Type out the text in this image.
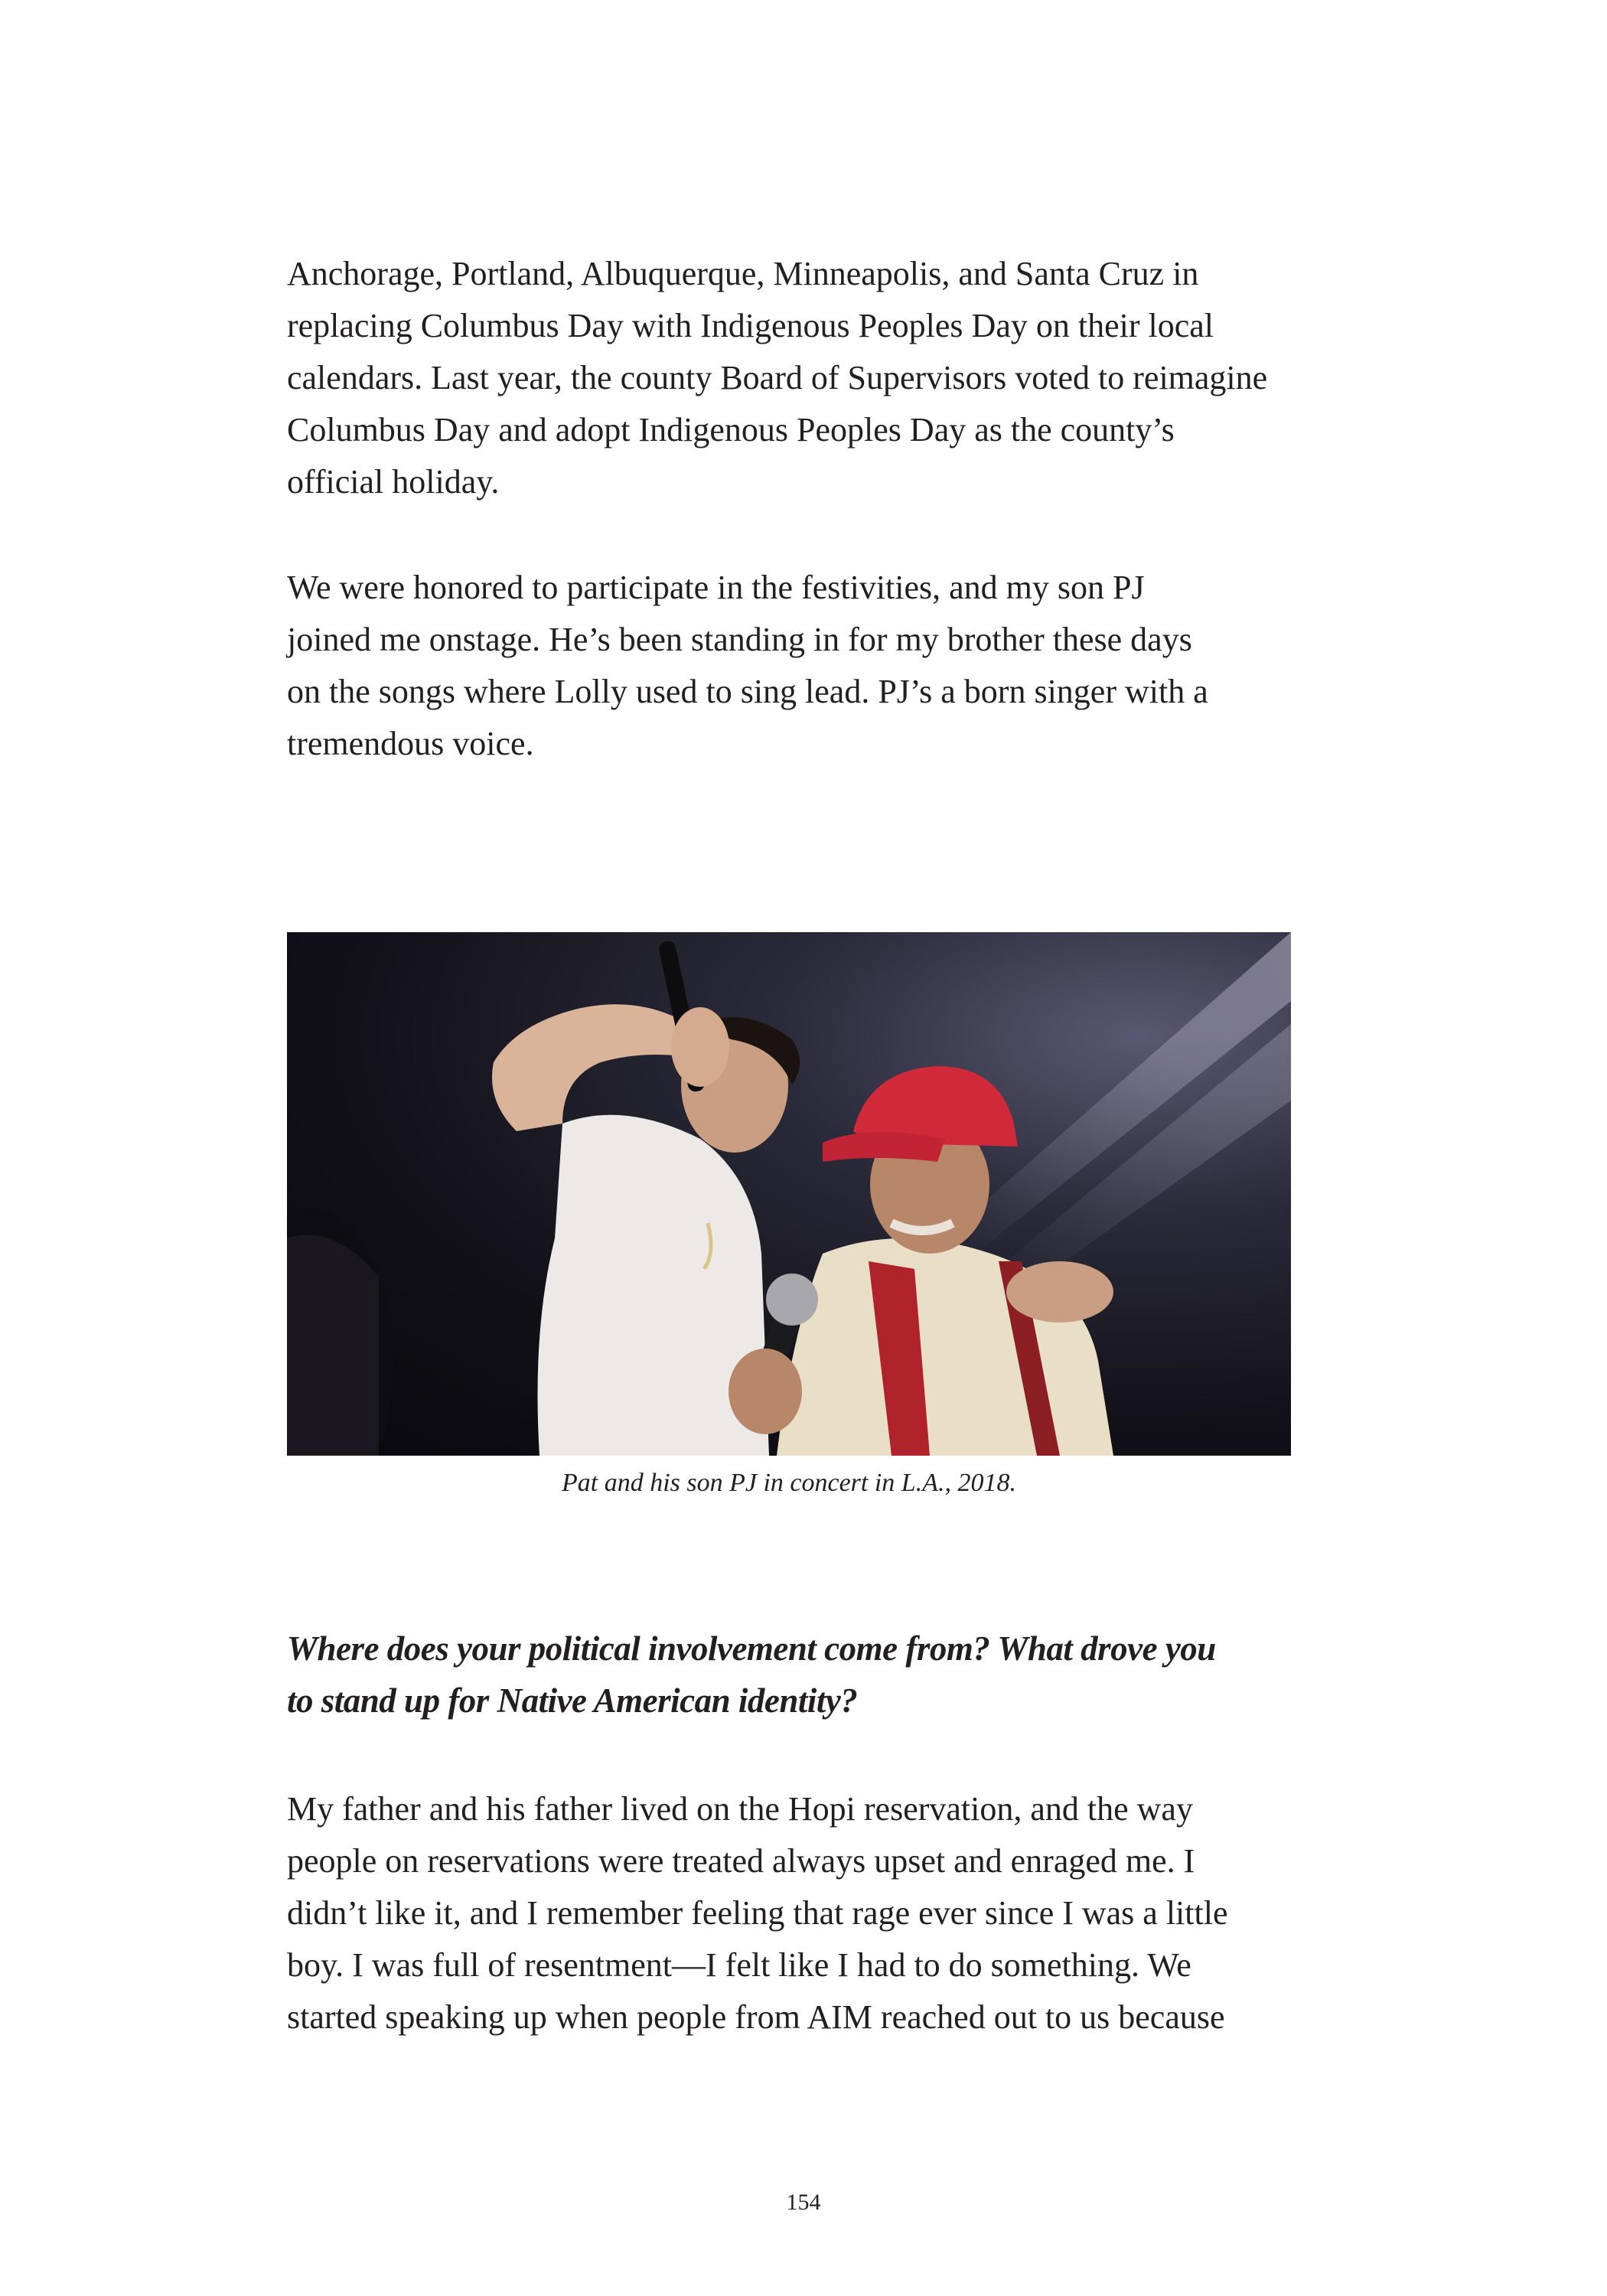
Anchorage, Portland, Albuquerque, Minneapolis, and Santa Cruz in
replacing Columbus Day with Indigenous Peoples Day on their local
calendars. Last year, the county Board of Supervisors voted to reimagine
Columbus Day and adopt Indigenous Peoples Day as the county’s
official holiday.

We were honored to participate in the festivities, and my son PJ
joined me onstage. He’s been standing in for my brother these days
on the songs where Lolly used to sing lead. PJ’s a born singer with a
tremendous voice.

Pat and his son PJ in concert in L.A., 2018.

Where does your political involvement come from? What drove you
to stand up for Native American identity?

My father and his father lived on the Hopi reservation, and the way
people on reservations were treated always upset and enraged me. I
didn’t like it, and I remember feeling that rage ever since I was a little
boy. I was full of resentment—I felt like I had to do something. We
started speaking up when people from AIM reached out to us because

154
